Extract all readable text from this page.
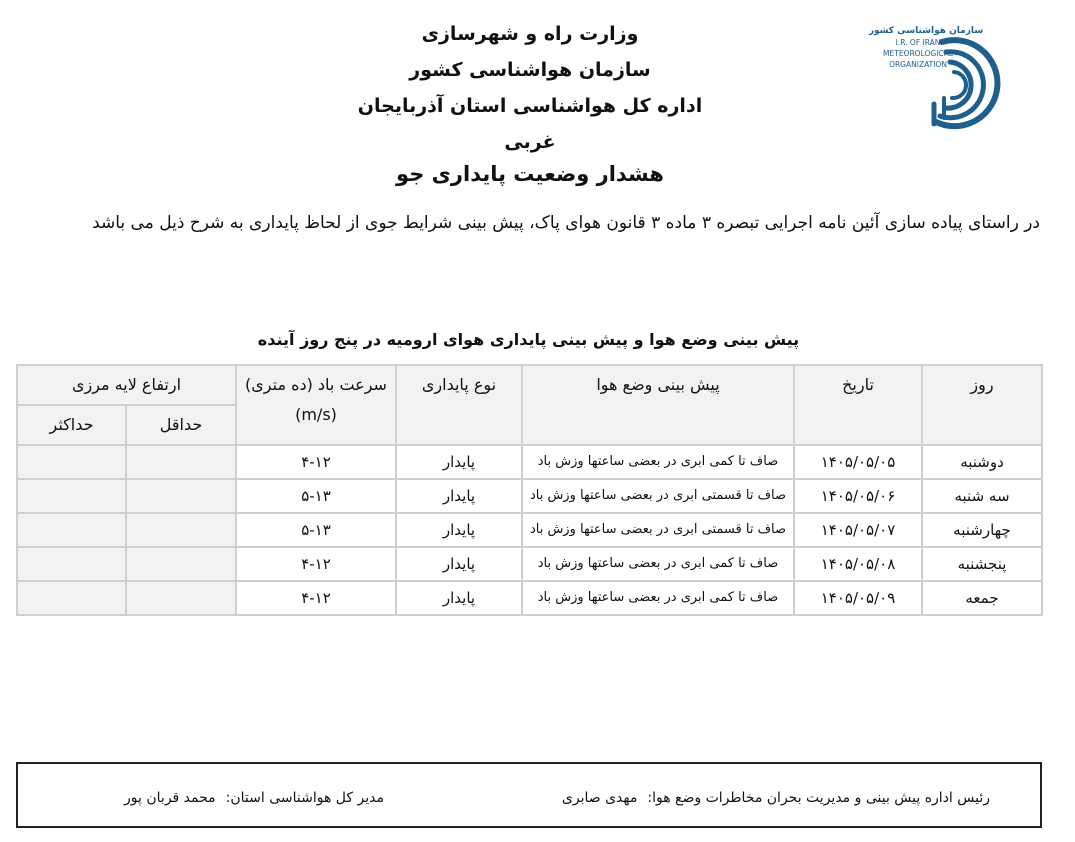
وزارت راه و شهرسازی
سازمان هواشناسی کشور
اداره کل هواشناسی استان آذربایجان غربی
سازمان هواشناسی کشور
I.R. OF IRAN
METEOROLOGICAL
ORGANIZATION
هشدار وضعیت پایداری جو
در راستای پیاده سازی آئین نامه اجرایی تبصره ۳ ماده ۳ قانون هوای پاک، پیش بینی شرایط جوی از لحاظ پایداری به شرح ذیل می باشد
پیش بینی وضع هوا و پیش بینی پایداری هوای ارومیه در پنج روز آینده
روز	تاریخ	پیش بینی وضع هوا	نوع پایداری	سرعت باد (ده متری) (m/s)	ارتفاع لایه مرزی	
					حداقل	حداکثر
دوشنبه	۱۴۰۵/۰۵/۰۵	صاف تا کمی ابری در بعضی ساعتها وزش باد	پایدار	۴-۱۲		
سه شنبه	۱۴۰۵/۰۵/۰۶	صاف تا قسمتی ابری در بعضی ساعتها وزش باد	پایدار	۵-۱۳		
چهارشنبه	۱۴۰۵/۰۵/۰۷	صاف تا قسمتی ابری در بعضی ساعتها وزش باد	پایدار	۵-۱۳		
پنجشنبه	۱۴۰۵/۰۵/۰۸	صاف تا کمی ابری در بعضی ساعتها وزش باد	پایدار	۴-۱۲		
جمعه	۱۴۰۵/۰۵/۰۹	صاف تا کمی ابری در بعضی ساعتها وزش باد	پایدار	۴-۱۲		
رئیس اداره پیش بینی و مدیریت بحران مخاطرات وضع هوا:مهدی صابری
مدیر کل هواشناسی استان:محمد قربان پور
